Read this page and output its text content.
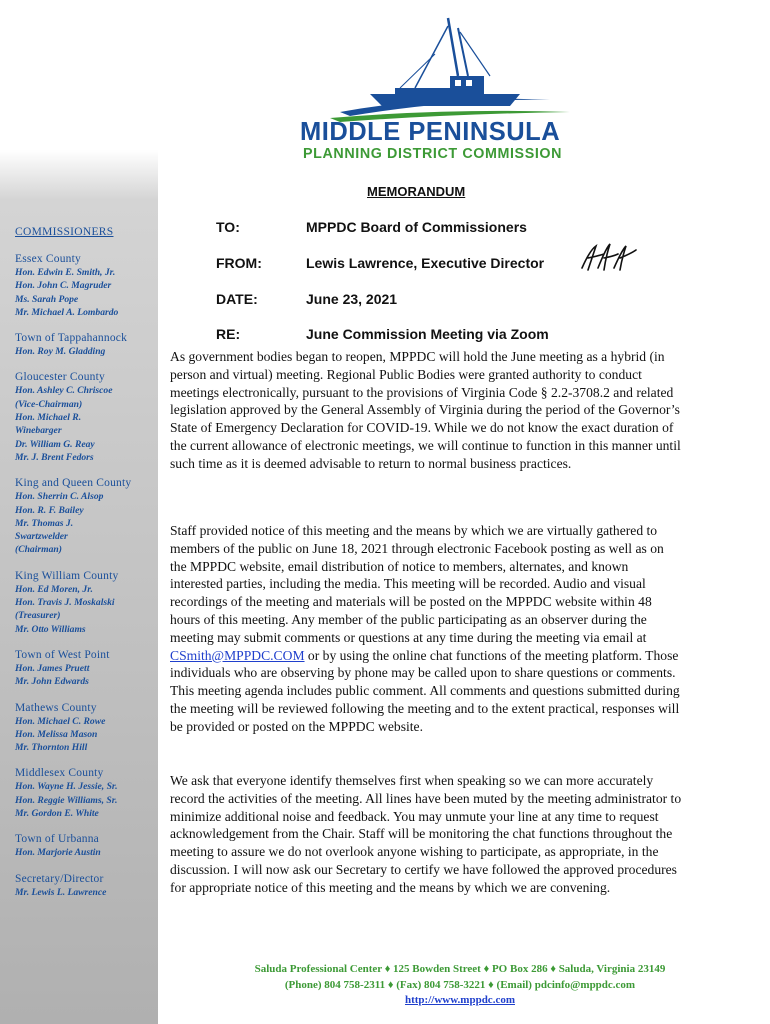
COMMISSIONERS
Essex County
Hon. Edwin E. Smith, Jr.
Hon. John C. Magruder
Ms. Sarah Pope
Mr. Michael A. Lombardo
Town of Tappahannock
Hon. Roy M. Gladding
Gloucester County
Hon. Ashley C. Chriscoe
(Vice-Chairman)
Hon. Michael R.
Winebarger
Dr. William G. Reay
Mr. J. Brent Fedors
King and Queen County
Hon. Sherrin C. Alsop
Hon. R. F. Bailey
Mr. Thomas J.
Swartzwelder
(Chairman)
King William County
Hon. Ed Moren, Jr.
Hon. Travis J. Moskalski
(Treasurer)
Mr. Otto Williams
Town of West Point
Hon. James Pruett
Mr. John Edwards
Mathews County
Hon. Michael C. Rowe
Hon. Melissa Mason
Mr. Thornton Hill
Middlesex County
Hon. Wayne H. Jessie, Sr.
Hon. Reggie Williams, Sr.
Mr. Gordon E. White
Town of Urbanna
Hon. Marjorie Austin
Secretary/Director
Mr. Lewis L. Lawrence
MIDDLE PENINSULA
PLANNING DISTRICT COMMISSION
MEMORANDUM
TO:	MPPDC Board of Commissioners
FROM:	Lewis Lawrence, Executive Director
DATE:	June 23, 2021
RE:	June Commission Meeting via Zoom

As government bodies began to reopen, MPPDC will hold the June meeting as a hybrid (in person and virtual) meeting. Regional Public Bodies were granted authority to conduct meetings electronically, pursuant to the provisions of Virginia Code § 2.2-3708.2 and related legislation approved by the General Assembly of Virginia during the period of the Governor’s State of Emergency Declaration for COVID-19. While we do not know the exact duration of the current allowance of electronic meetings, we will continue to function in this manner until such time as it is deemed advisable to return to normal business practices.

Staff provided notice of this meeting and the means by which we are virtually gathered to members of the public on June 18, 2021 through electronic Facebook posting as well as on the MPPDC website, email distribution of notice to members, alternates, and known interested parties, including the media. This meeting will be recorded. Audio and visual recordings of the meeting and materials will be posted on the MPPDC website within 48 hours of this meeting. Any member of the public participating as an observer during the meeting may submit comments or questions at any time during the meeting via email at CSmith@MPPDC.COM or by using the online chat functions of the meeting platform. Those individuals who are observing by phone may be called upon to share questions or comments. This meeting agenda includes public comment. All comments and questions submitted during the meeting will be reviewed following the meeting and to the extent practical, responses will be provided or posted on the MPPDC website.

We ask that everyone identify themselves first when speaking so we can more accurately record the activities of the meeting. All lines have been muted by the meeting administrator to minimize additional noise and feedback. You may unmute your line at any time to request acknowledgement from the Chair. Staff will be monitoring the chat functions throughout the meeting to assure we do not overlook anyone wishing to participate, as appropriate, in the discussion. I will now ask our Secretary to certify we have followed the approved procedures for appropriate notice of this meeting and the means by which we are convening.

Saluda Professional Center ♦ 125 Bowden Street ♦ PO Box 286 ♦ Saluda, Virginia 23149
(Phone) 804 758-2311 ♦ (Fax) 804 758-3221 ♦ (Email) pdcinfo@mppdc.com
http://www.mppdc.com
